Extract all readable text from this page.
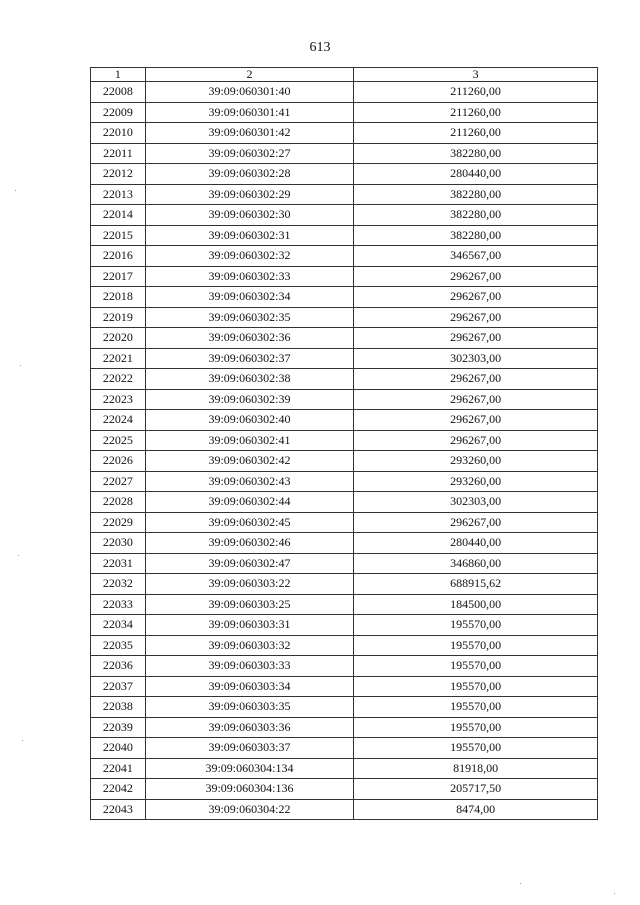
613
1	2	3
22008	39:09:060301:40	211260,00
22009	39:09:060301:41	211260,00
22010	39:09:060301:42	211260,00
22011	39:09:060302:27	382280,00
22012	39:09:060302:28	280440,00
22013	39:09:060302:29	382280,00
22014	39:09:060302:30	382280,00
22015	39:09:060302:31	382280,00
22016	39:09:060302:32	346567,00
22017	39:09:060302:33	296267,00
22018	39:09:060302:34	296267,00
22019	39:09:060302:35	296267,00
22020	39:09:060302:36	296267,00
22021	39:09:060302:37	302303,00
22022	39:09:060302:38	296267,00
22023	39:09:060302:39	296267,00
22024	39:09:060302:40	296267,00
22025	39:09:060302:41	296267,00
22026	39:09:060302:42	293260,00
22027	39:09:060302:43	293260,00
22028	39:09:060302:44	302303,00
22029	39:09:060302:45	296267,00
22030	39:09:060302:46	280440,00
22031	39:09:060302:47	346860,00
22032	39:09:060303:22	688915,62
22033	39:09:060303:25	184500,00
22034	39:09:060303:31	195570,00
22035	39:09:060303:32	195570,00
22036	39:09:060303:33	195570,00
22037	39:09:060303:34	195570,00
22038	39:09:060303:35	195570,00
22039	39:09:060303:36	195570,00
22040	39:09:060303:37	195570,00
22041	39:09:060304:134	81918,00
22042	39:09:060304:136	205717,50
22043	39:09:060304:22	8474,00
